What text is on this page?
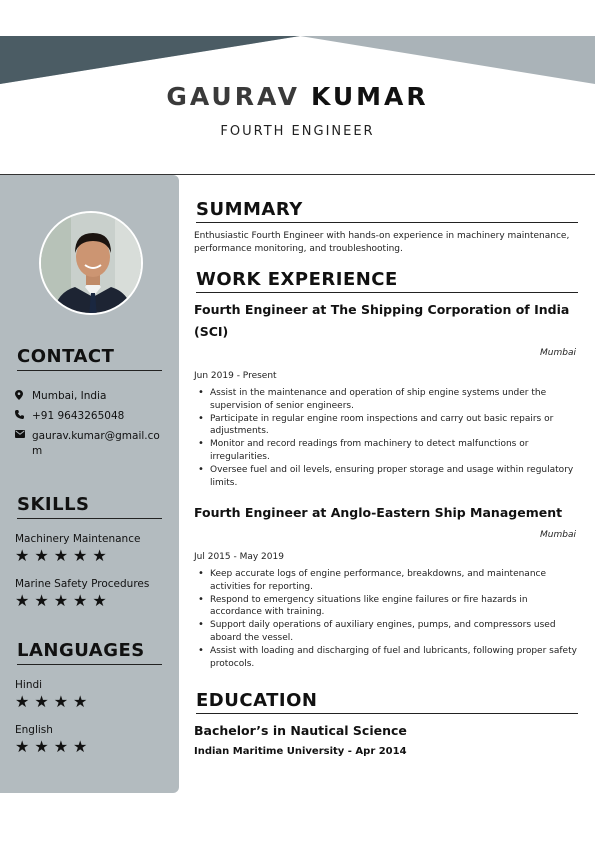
GAURAV KUMAR
FOURTH ENGINEER
CONTACT
Mumbai, India
+91 9643265048
gaurav.kumar@gmail.com
SKILLS
Machinery Maintenance
★★★★★
Marine Safety Procedures
★★★★★
LANGUAGES
Hindi
★★★★
English
★★★★
SUMMARY
Enthusiastic Fourth Engineer with hands-on experience in machinery maintenance, performance monitoring, and troubleshooting.
WORK EXPERIENCE
Fourth Engineer at The Shipping Corporation of India (SCI)
Mumbai
Jun 2019 - Present
• Assist in the maintenance and operation of ship engine systems under the supervision of senior engineers.
• Participate in regular engine room inspections and carry out basic repairs or adjustments.
• Monitor and record readings from machinery to detect malfunctions or irregularities.
• Oversee fuel and oil levels, ensuring proper storage and usage within regulatory limits.
Fourth Engineer at Anglo-Eastern Ship Management
Mumbai
Jul 2015 - May 2019
• Keep accurate logs of engine performance, breakdowns, and maintenance activities for reporting.
• Respond to emergency situations like engine failures or fire hazards in accordance with training.
• Support daily operations of auxiliary engines, pumps, and compressors used aboard the vessel.
• Assist with loading and discharging of fuel and lubricants, following proper safety protocols.
EDUCATION
Bachelor’s in Nautical Science
Indian Maritime University - Apr 2014
